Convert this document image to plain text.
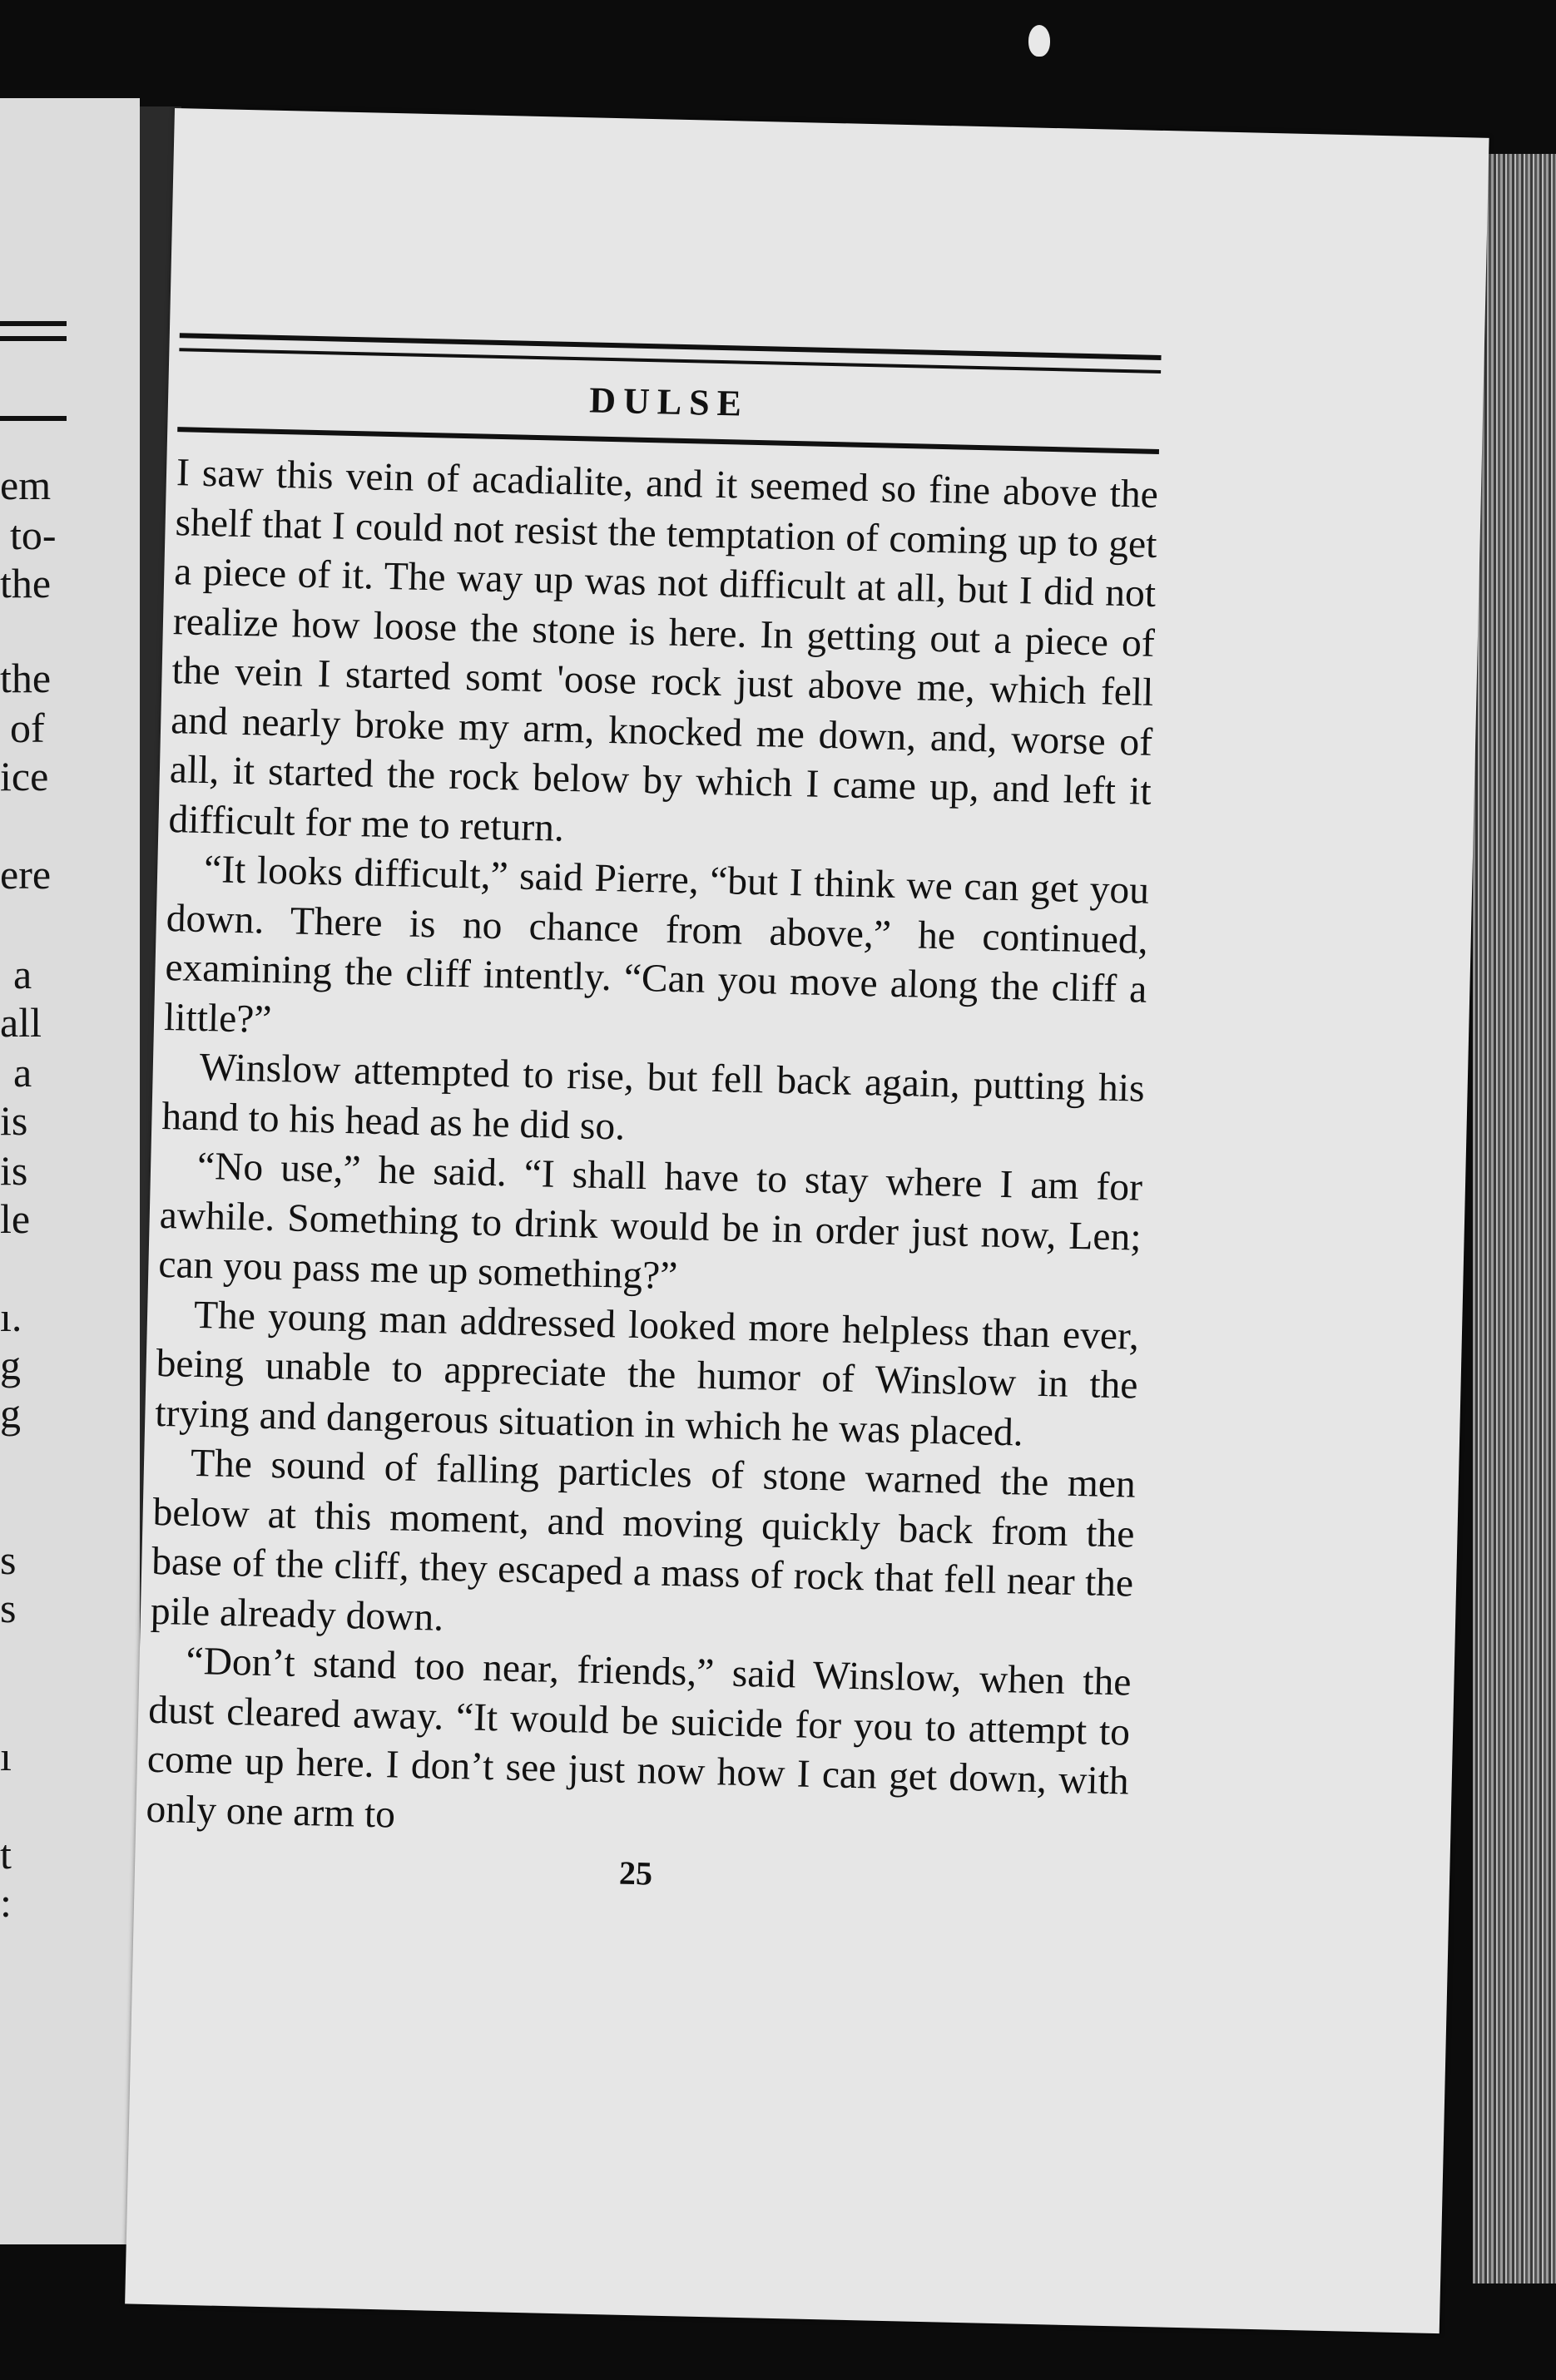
em
to-
the
the
of
ice
ere
a
all
a
is
is
le
ı.
g
g
s
s
ı
t
:
DULSE

I saw this vein of acadialite, and it seemed so fine above the shelf that I could not resist the temptation of coming up to get a piece of it. The way up was not difficult at all, but I did not realize how loose the stone is here. In getting out a piece of the vein I started somt 'oose rock just above me, which fell and nearly broke my arm, knocked me down, and, worse of all, it started the rock below by which I came up, and left it difficult for me to return.

“It looks difficult,” said Pierre, “but I think we can get you down. There is no chance from above,” he continued, examining the cliff intently. “Can you move along the cliff a little?”

Winslow attempted to rise, but fell back again, putting his hand to his head as he did so.

“No use,” he said. “I shall have to stay where I am for awhile. Something to drink would be in order just now, Len; can you pass me up something?”

The young man addressed looked more helpless than ever, being unable to appreciate the humor of Winslow in the trying and dangerous situation in which he was placed.

The sound of falling particles of stone warned the men below at this moment, and moving quickly back from the base of the cliff, they escaped a mass of rock that fell near the pile already down.

“Don’t stand too near, friends,” said Winslow, when the dust cleared away. “It would be suicide for you to attempt to come up here. I don’t see just now how I can get down, with only one arm to

25
